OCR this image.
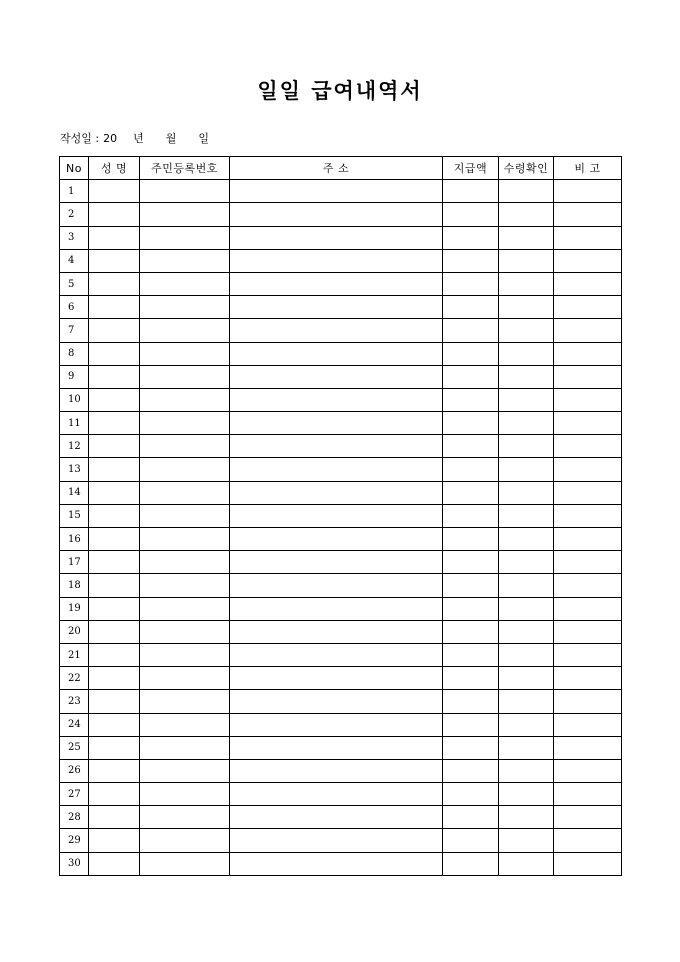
일일 급여내역서
작성일 : 20 년 월 일
No	성 명	주민등록번호	주 소	지급액	수령확인	비 고
1						
2						
3						
4						
5						
6						
7						
8						
9						
10						
11						
12						
13						
14						
15						
16						
17						
18						
19						
20						
21						
22						
23						
24						
25						
26						
27						
28						
29						
30						
